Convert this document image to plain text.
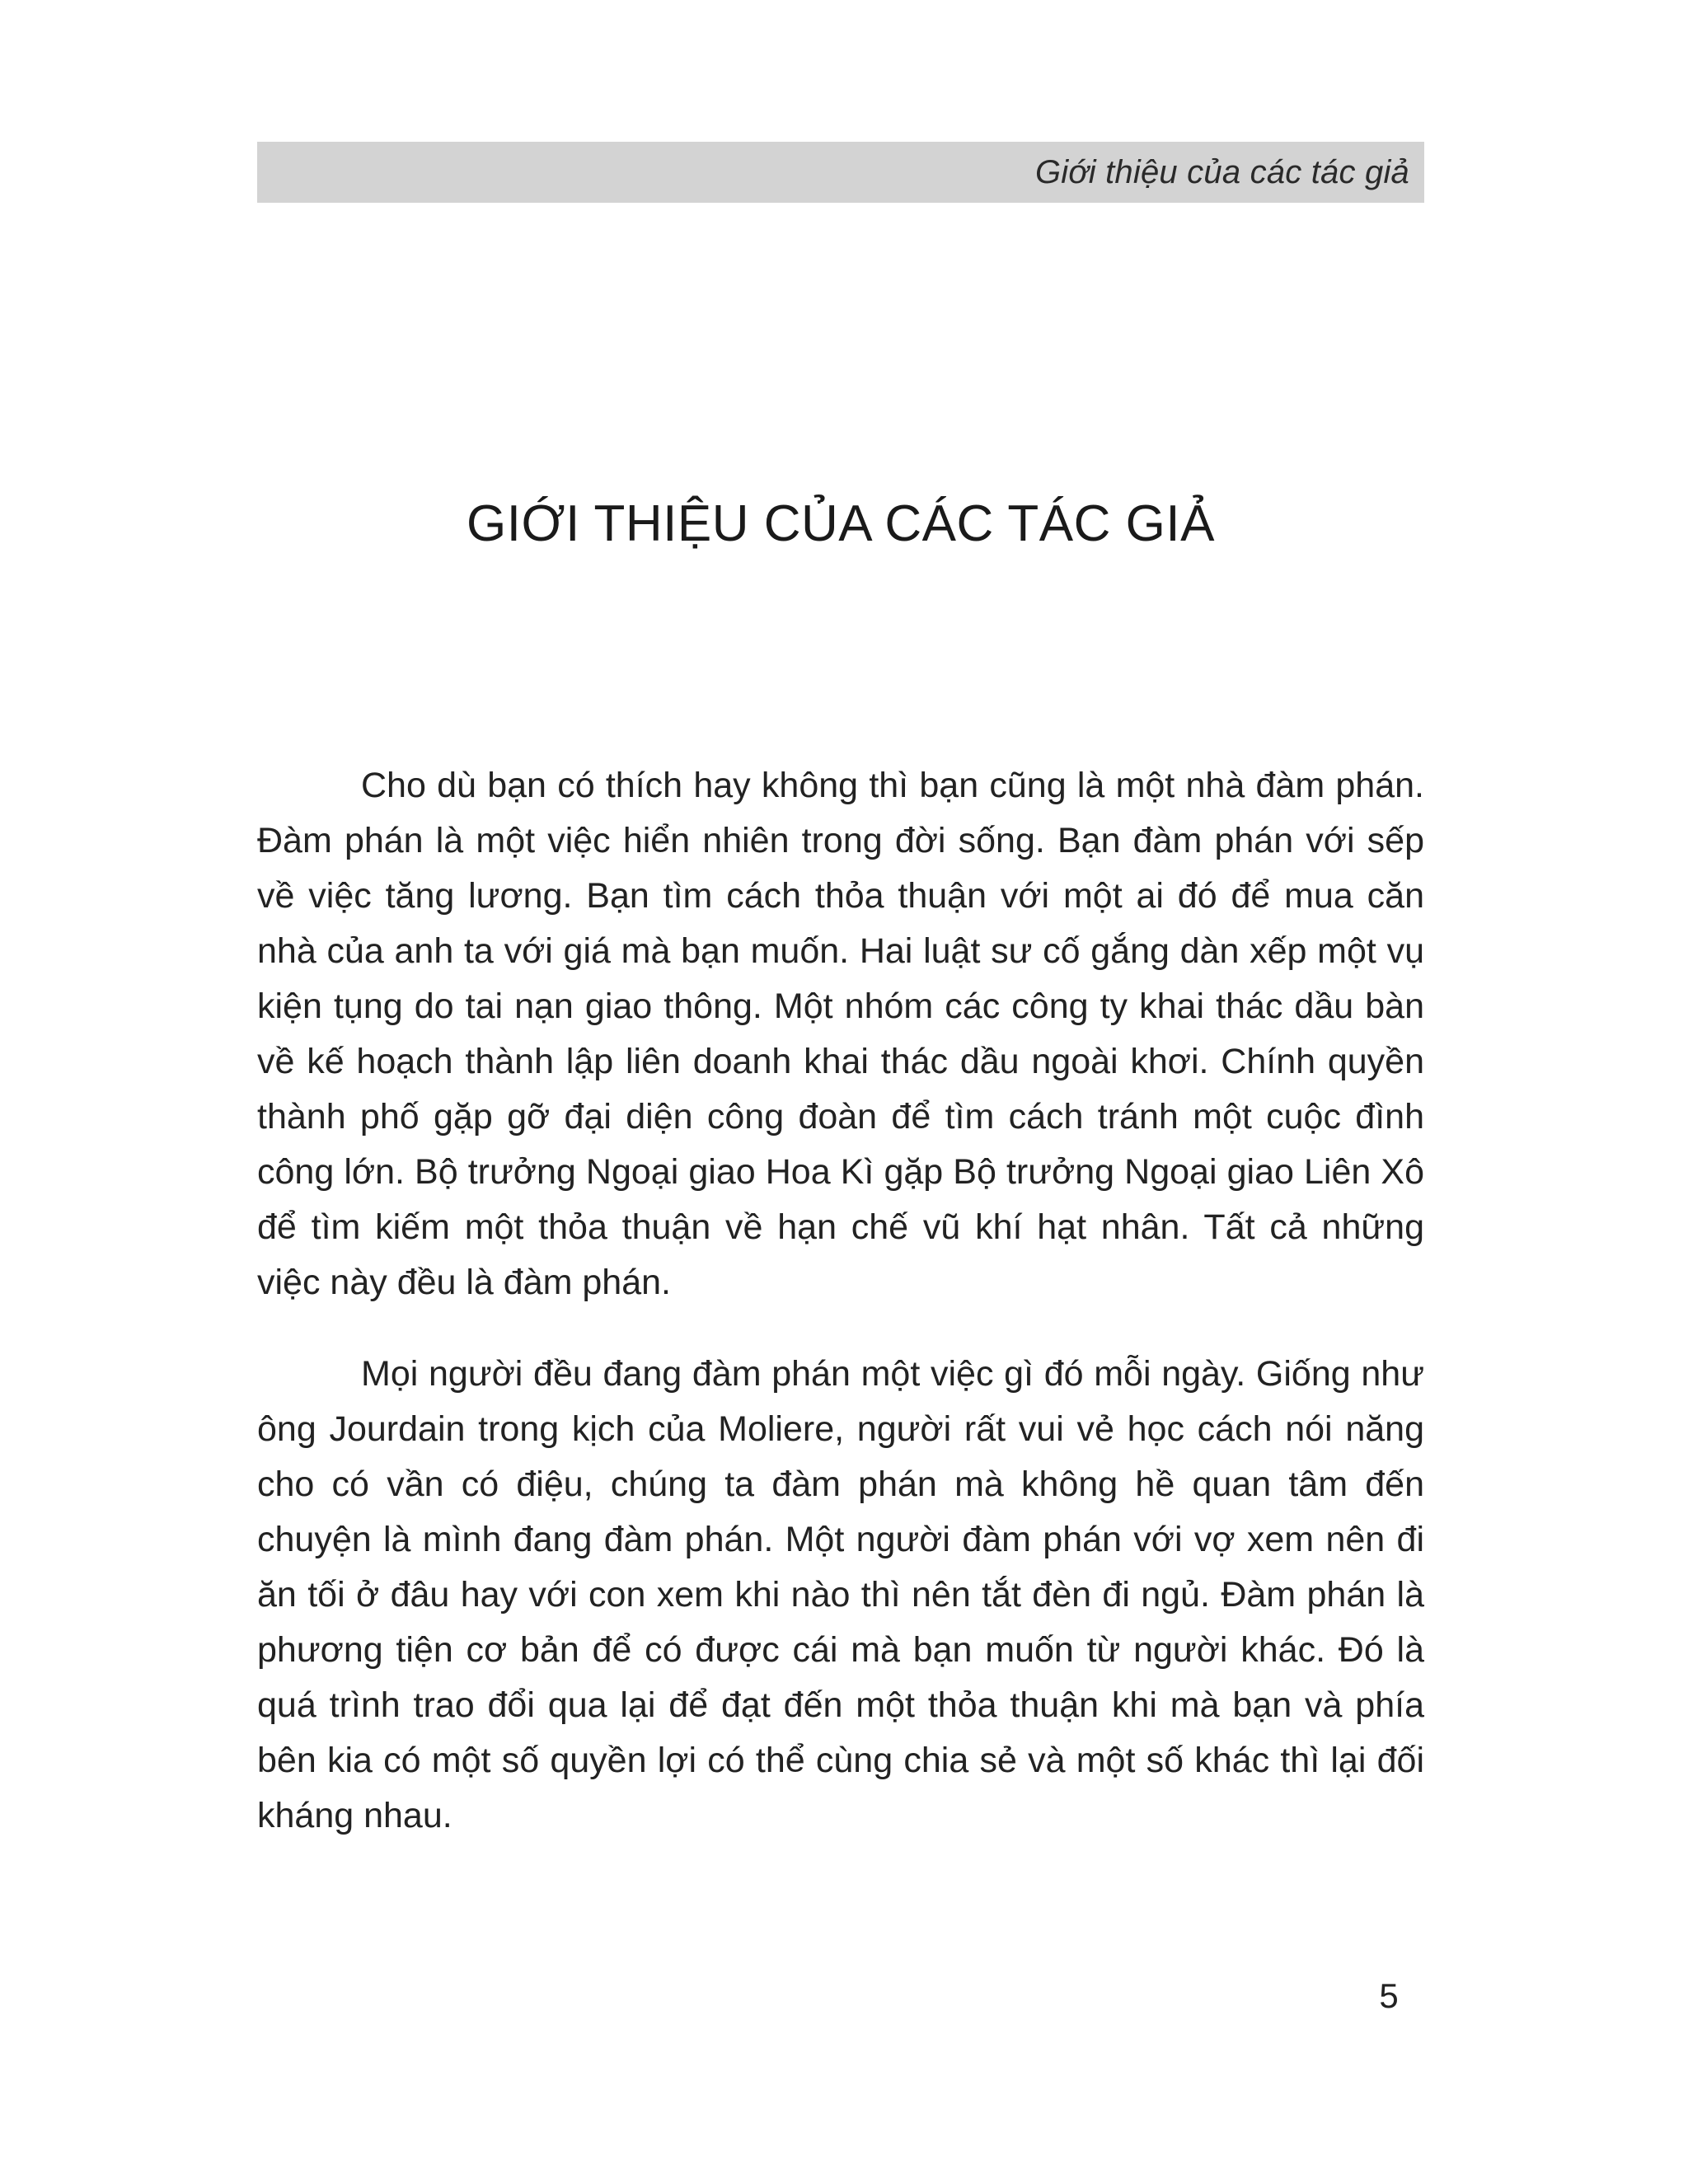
Giới thiệu của các tác giả
GIỚI THIỆU CỦA CÁC TÁC GIẢ

Cho dù bạn có thích hay không thì bạn cũng là một nhà đàm phán. Đàm phán là một việc hiển nhiên trong đời sống. Bạn đàm phán với sếp về việc tăng lương. Bạn tìm cách thỏa thuận với một ai đó để mua căn nhà của anh ta với giá mà bạn muốn. Hai luật sư cố gắng dàn xếp một vụ kiện tụng do tai nạn giao thông. Một nhóm các công ty khai thác dầu bàn về kế hoạch thành lập liên doanh khai thác dầu ngoài khơi. Chính quyền thành phố gặp gỡ đại diện công đoàn để tìm cách tránh một cuộc đình công lớn. Bộ trưởng Ngoại giao Hoa Kì gặp Bộ trưởng Ngoại giao Liên Xô để tìm kiếm một thỏa thuận về hạn chế vũ khí hạt nhân. Tất cả những việc này đều là đàm phán.

Mọi người đều đang đàm phán một việc gì đó mỗi ngày. Giống như ông Jourdain trong kịch của Moliere, người rất vui vẻ học cách nói năng cho có vần có điệu, chúng ta đàm phán mà không hề quan tâm đến chuyện là mình đang đàm phán. Một người đàm phán với vợ xem nên đi ăn tối ở đâu hay với con xem khi nào thì nên tắt đèn đi ngủ. Đàm phán là phương tiện cơ bản để có được cái mà bạn muốn từ người khác. Đó là quá trình trao đổi qua lại để đạt đến một thỏa thuận khi mà bạn và phía bên kia có một số quyền lợi có thể cùng chia sẻ và một số khác thì lại đối kháng nhau.

5
